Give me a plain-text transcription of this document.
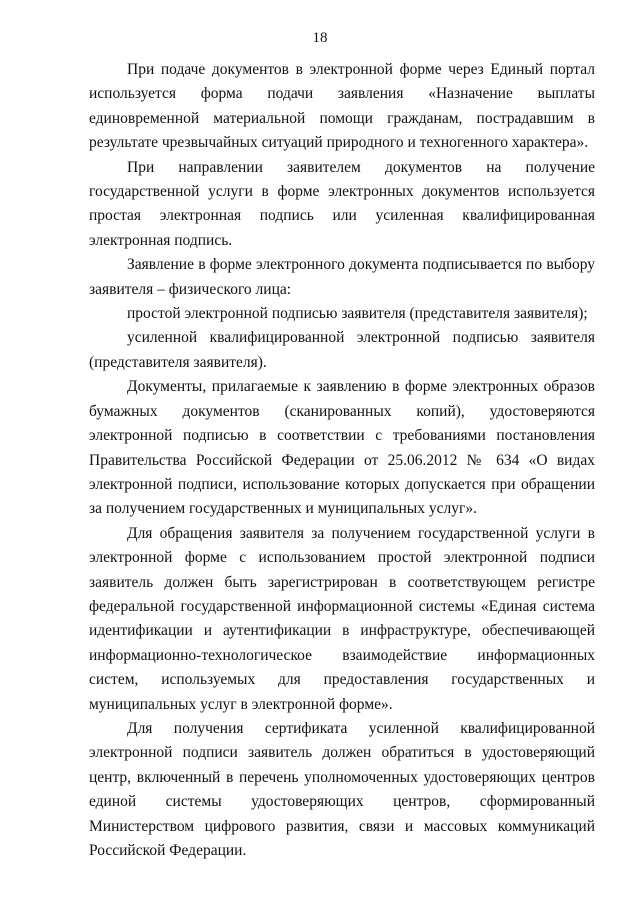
18

При подаче документов в электронной форме через Единый портал используется форма подачи заявления «Назначение выплаты единовременной материальной помощи гражданам, пострадавшим в результате чрезвычайных ситуаций природного и техногенного характера».

При направлении заявителем документов на получение государственной услуги в форме электронных документов используется простая электронная подпись или усиленная квалифицированная электронная подпись.

Заявление в форме электронного документа подписывается по выбору заявителя – физического лица:

простой электронной подписью заявителя (представителя заявителя);

усиленной квалифицированной электронной подписью заявителя (представителя заявителя).

Документы, прилагаемые к заявлению в форме электронных образов бумажных документов (сканированных копий), удостоверяются электронной подписью в соответствии с требованиями постановления Правительства Российской Федерации от 25.06.2012 № 634 «О видах электронной подписи, использование которых допускается при обращении за получением государственных и муниципальных услуг».

Для обращения заявителя за получением государственной услуги в электронной форме с использованием простой электронной подписи заявитель должен быть зарегистрирован в соответствующем регистре федеральной государственной информационной системы «Единая система идентификации и аутентификации в инфраструктуре, обеспечивающей информационно-технологическое взаимодействие информационных систем, используемых для предоставления государственных и муниципальных услуг в электронной форме».

Для получения сертификата усиленной квалифицированной электронной подписи заявитель должен обратиться в удостоверяющий центр, включенный в перечень уполномоченных удостоверяющих центров единой системы удостоверяющих центров, сформированный Министерством цифрового развития, связи и массовых коммуникаций Российской Федерации.
